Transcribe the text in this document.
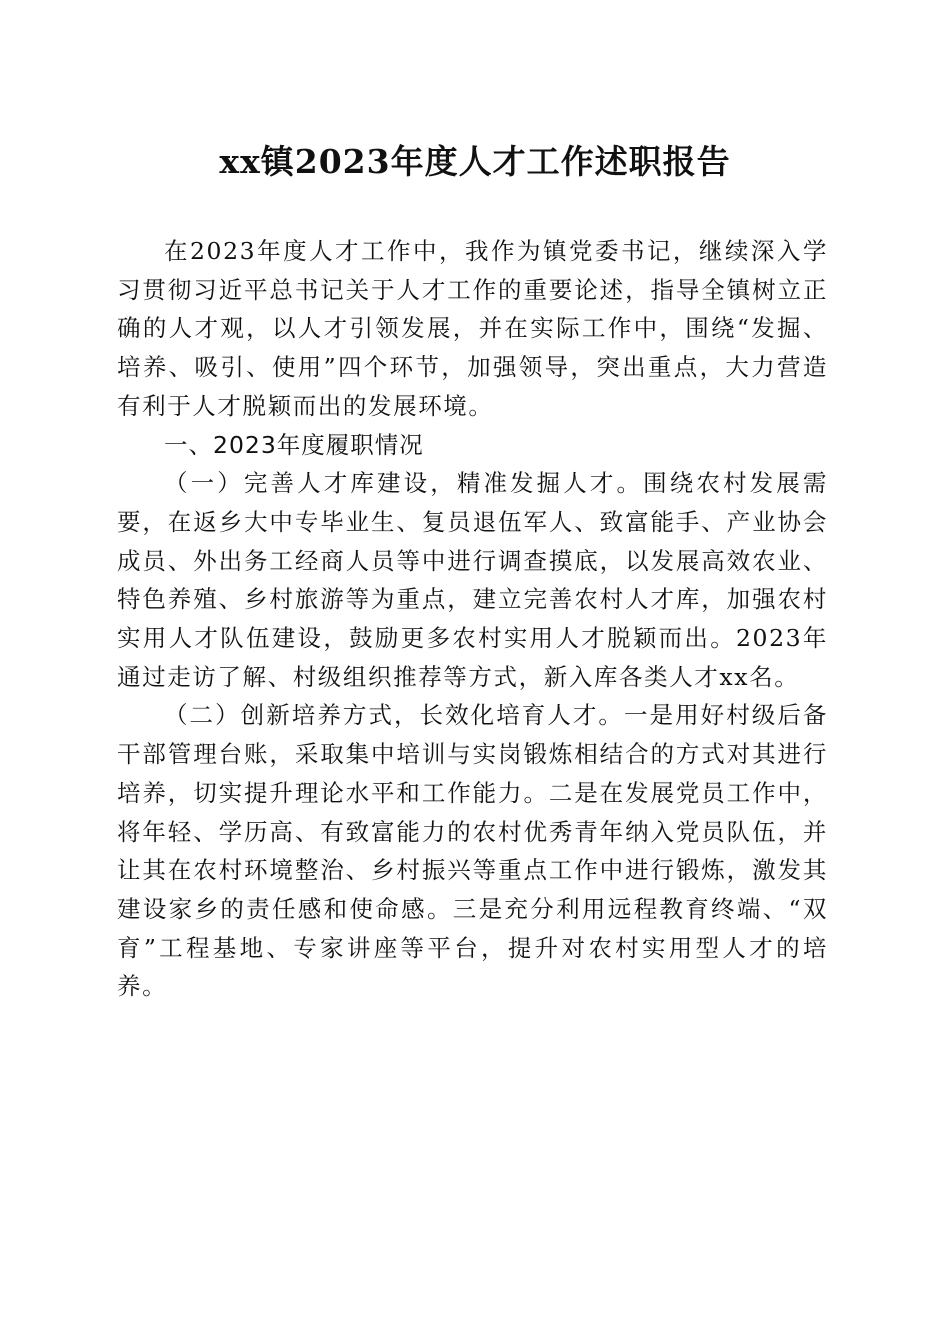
xx镇2023年度人才工作述职报告

在2023年度人才工作中，我作为镇党委书记，继续深入学习贯彻习近平总书记关于人才工作的重要论述，指导全镇树立正确的人才观，以人才引领发展，并在实际工作中，围绕“发掘、培养、吸引、使用”四个环节，加强领导，突出重点，大力营造有利于人才脱颖而出的发展环境。

一、2023年度履职情况

（一）完善人才库建设，精准发掘人才。围绕农村发展需要，在返乡大中专毕业生、复员退伍军人、致富能手、产业协会成员、外出务工经商人员等中进行调查摸底，以发展高效农业、特色养殖、乡村旅游等为重点，建立完善农村人才库，加强农村实用人才队伍建设，鼓励更多农村实用人才脱颖而出。2023年通过走访了解、村级组织推荐等方式，新入库各类人才xx名。

（二）创新培养方式，长效化培育人才。一是用好村级后备干部管理台账，采取集中培训与实岗锻炼相结合的方式对其进行培养，切实提升理论水平和工作能力。二是在发展党员工作中，将年轻、学历高、有致富能力的农村优秀青年纳入党员队伍，并让其在农村环境整治、乡村振兴等重点工作中进行锻炼，激发其建设家乡的责任感和使命感。三是充分利用远程教育终端、“双育”工程基地、专家讲座等平台，提升对农村实用型人才的培养。
